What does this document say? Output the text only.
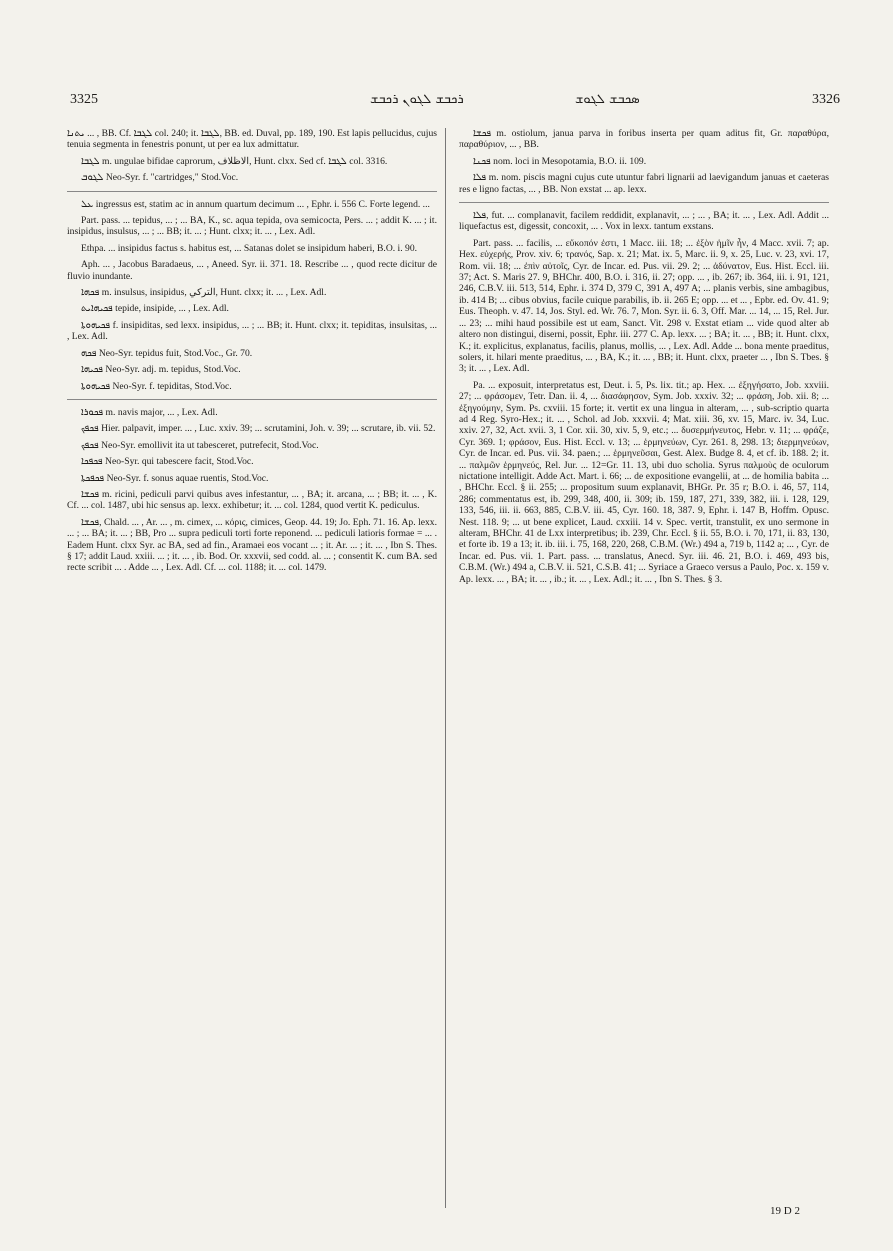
3325	ܪܟܒܫ ܠܓܘܢ ܪܟܒܫ	ܣܟܒܫ ܠܓܘܫ	3326

ܝܬܢܐ ... , BB. Cf. ܠܓܒܐ col. 240; it. ܠܓܒܐ, BB. ed. Duval, pp. 189, 190. Est lapis pellucidus, cujus tenuia segmenta in fenestris ponunt, ut per ea lux admittatur.

ܠܓܒܐ m. ungulae bifidae caprorum, الاظلاف, Hunt. clxx. Sed cf. ܠܓܒܐ col. 3316.

ܠܓܘܒ Neo-Syr. f. "cartridges," Stod.Voc.

ܥܠ ingressus est, statim ac in annum quartum decimum ... , Ephr. i. 556 C. Forte legend. ...

Part. pass. ... tepidus, ... ; ... BA, K., sc. aqua tepida, ova semicocta, Pers. ... ; addit K. ... ; it. insipidus, insulsus, ... ; ... BB; it. ... ; Hunt. clxx; it. ... , Lex. Adl.

Ethpa. ... insipidus factus s. habitus est, ... Satanas dolet se insipidum haberi, B.O. i. 90.

Aph. ... , Jacobus Baradaeus, ... , Aneed. Syr. ii. 371. 18. Rescribe ... , quod recte dicitur de fluvio inundante.

ܦܟܗܐ m. insulsus, insipidus, التركي, Hunt. clxx; it. ... , Lex. Adl.

ܦܟܝܗܐܝܬ tepide, insipide, ... , Lex. Adl.

ܦܟܝܗܘܬܐ f. insipiditas, sed lexx. insipidus, ... ; ... BB; it. Hunt. clxx; it. tepiditas, insulsitas, ... , Lex. Adl.

ܦܟܗ Neo-Syr. tepidus fuit, Stod.Voc., Gr. 70.

ܦܟܝܗܐ Neo-Syr. adj. m. tepidus, Stod.Voc.

ܦܟܝܗܘܬܐ Neo-Syr. f. tepiditas, Stod.Voc.

ܦܟܘܪܐ m. navis major, ... , Lex. Adl.

ܦܟܦܟ Hier. palpavit, imper. ... , Luc. xxiv. 39; ... scrutamini, Joh. v. 39; ... scrutare, ib. vii. 52.

ܦܟܦܟ Neo-Syr. emollivit ita ut tabesceret, putrefecit, Stod.Voc.

ܦܟܦܟܐ Neo-Syr. qui tabescere facit, Stod.Voc.

ܦܟܦܟܬܐ Neo-Syr. f. sonus aquae ruentis, Stod.Voc.

ܦܟܫܐ m. ricini, pediculi parvi quibus aves infestantur, ... , BA; it. arcana, ... ; BB; it. ... , K. Cf. ... col. 1487, ubi hic sensus ap. lexx. exhibetur; it. ... col. 1284, quod vertit K. pediculus.

ܦܟܫܐ, Chald. ... , Ar. ... , m. cimex, ... κόρις, cimices, Geop. 44. 19; Jo. Eph. 71. 16. Ap. lexx. ... ; ... BA; it. ... ; BB, Pro ... supra pediculi torti forte reponend. ... pediculi latioris formae = ... . Eadem Hunt. clxx Syr. ac BA, sed ad fin., Aramaei eos vocant ... ; it. Ar. ... ; it. ... , Ibn S. Thes. § 17; addit Laud. xxiii. ... ; it. ... , ib. Bod. Or. xxxvii, sed codd. al. ... ; consentit K. cum BA. sed recte scribit ... . Adde ... , Lex. Adl. Cf. ... col. 1188; it. ... col. 1479.

ܦܟܫܐ m. ostiolum, janua parva in foribus inserta per quam aditus fit, Gr. παραθύρα, παραθύριον, ... , BB.

ܦܟܢܐ nom. loci in Mesopotamia, B.O. ii. 109.

ܦܠܐ m. nom. piscis magni cujus cute utuntur fabri lignarii ad laevigandum januas et caeteras res e ligno factas, ... , BB. Non exstat ... ap. lexx.

ܦܠܐ, fut. ... complanavit, facilem reddidit, explanavit, ... ; ... , BA; it. ... , Lex. Adl. Addit ... liquefactus est, digessit, concoxit, ... . Vox in lexx. tantum exstans.

Part. pass. ... facilis, ... εὔκοπόν ἐστι, 1 Macc. iii. 18; ... ἐξὸν ἡμῖν ἦν, 4 Macc. xvii. 7; ap. Hex. εὐχερής, Prov. xiv. 6; τρανός, Sap. x. 21; Mat. ix. 5, Marc. ii. 9, x. 25, Luc. v. 23, xvi. 17, Rom. vii. 18; ... ἐπὶν αὐτοῖς, Cyr. de Incar. ed. Pus. vii. 29. 2; ... ἀδύνατον, Eus. Hist. Eccl. iii. 37; Act. S. Maris 27. 9, BHChr. 400, B.O. i. 316, ii. 27; opp. ... , ib. 267; ib. 364, iii. i. 91, 121, 246, C.B.V. iii. 513, 514, Ephr. i. 374 D, 379 C, 391 A, 497 A; ... planis verbis, sine ambagibus, ib. 414 B; ... cibus obvius, facile cuique parabilis, ib. ii. 265 E; opp. ... et ... , Epbr. ed. Ov. 41. 9; Eus. Theoph. v. 47. 14, Jos. Styl. ed. Wr. 76. 7, Mon. Syr. ii. 6. 3, Off. Mar. ... 14, ... 15, Rel. Jur. ... 23; ... mihi haud possibile est ut eam, Sanct. Vit. 298 v. Exstat etiam ... vide quod alter ab altero non distingui, diserni, possit, Ephr. iii. 277 C. Ap. lexx. ... ; BA; it. ... , BB; it. Hunt. clxx, K.; it. explicitus, explanatus, facilis, planus, mollis, ... , Lex. Adl. Adde ... bona mente praeditus, solers, it. hilari mente praeditus, ... , BA, K.; it. ... , BB; it. Hunt. clxx, praeter ... , Ibn S. Tbes. § 3; it. ... , Lex. Adl.

Pa. ... exposuit, interpretatus est, Deut. i. 5, Ps. lix. tit.; ap. Hex. ... ἐξηγήσατο, Job. xxviii. 27; ... φράσομεν, Tetr. Dan. ii. 4, ... διασάφησον, Sym. Job. xxxiv. 32; ... φράση, Job. xii. 8; ... ἐξηγούμην, Sym. Ps. cxviii. 15 forte; it. vertit ex una lingua in alteram, ... , sub-scriptio quarta ad 4 Reg. Syro-Hex.; it. ... , Schol. ad Job. xxxvii. 4; Mat. xiii. 36, xv. 15, Marc. iv. 34, Luc. xxiv. 27, 32, Act. xvii. 3, 1 Cor. xii. 30, xiv. 5, 9, etc.; ... δυσερμήνευτος, Hebr. v. 11; ... φράζε, Cyr. 369. 1; φράσον, Eus. Hist. Eccl. v. 13; ... ἑρμηνεύων, Cyr. 261. 8, 298. 13; διερμηνεύων, Cyr. de Incar. ed. Pus. vii. 34. paen.; ... ἑρμηνεῦσαι, Gest. Alex. Budge 8. 4, et cf. ib. 188. 2; it. ... παλμῶν ἑρμηνεύς, Rel. Jur. ... 12=Gr. 11. 13, ubi duo scholia. Syrus παλμοὺς de oculorum nictatione intelligit. Adde Act. Mart. i. 66; ... de expositione evangelii, at ... de homilia babita ... , BHChr. Eccl. § ii. 255; ... propositum suum explanavit, BHGr. Pr. 35 r; B.O. i. 46, 57, 114, 286; commentatus est, ib. 299, 348, 400, ii. 309; ib. 159, 187, 271, 339, 382, iii. i. 128, 129, 133, 546, iii. ii. 663, 885, C.B.V. iii. 45, Cyr. 160. 18, 387. 9, Ephr. i. 147 B, Hoffm. Opusc. Nest. 118. 9; ... ut bene explicet, Laud. cxxiii. 14 v. Spec. vertit, transtulit, ex uno sermone in alteram, BHChr. 41 de Lxx interpretibus; ib. 239, Chr. Eccl. § ii. 55, B.O. i. 70, 171, ii. 83, 130, et forte ib. 19 a 13; it. ib. iii. i. 75, 168, 220, 268, C.B.M. (Wr.) 494 a, 719 b, 1142 a; ... , Cyr. de Incar. ed. Pus. vii. 1. Part. pass. ... translatus, Anecd. Syr. iii. 46. 21, B.O. i. 469, 493 bis, C.B.M. (Wr.) 494 a, C.B.V. ii. 521, C.S.B. 41; ... Syriace a Graeco versus a Paulo, Poc. x. 159 v. Ap. lexx. ... , BA; it. ... , ib.; it. ... , Lex. Adl.; it. ... , Ibn S. Thes. § 3.

19 D 2
